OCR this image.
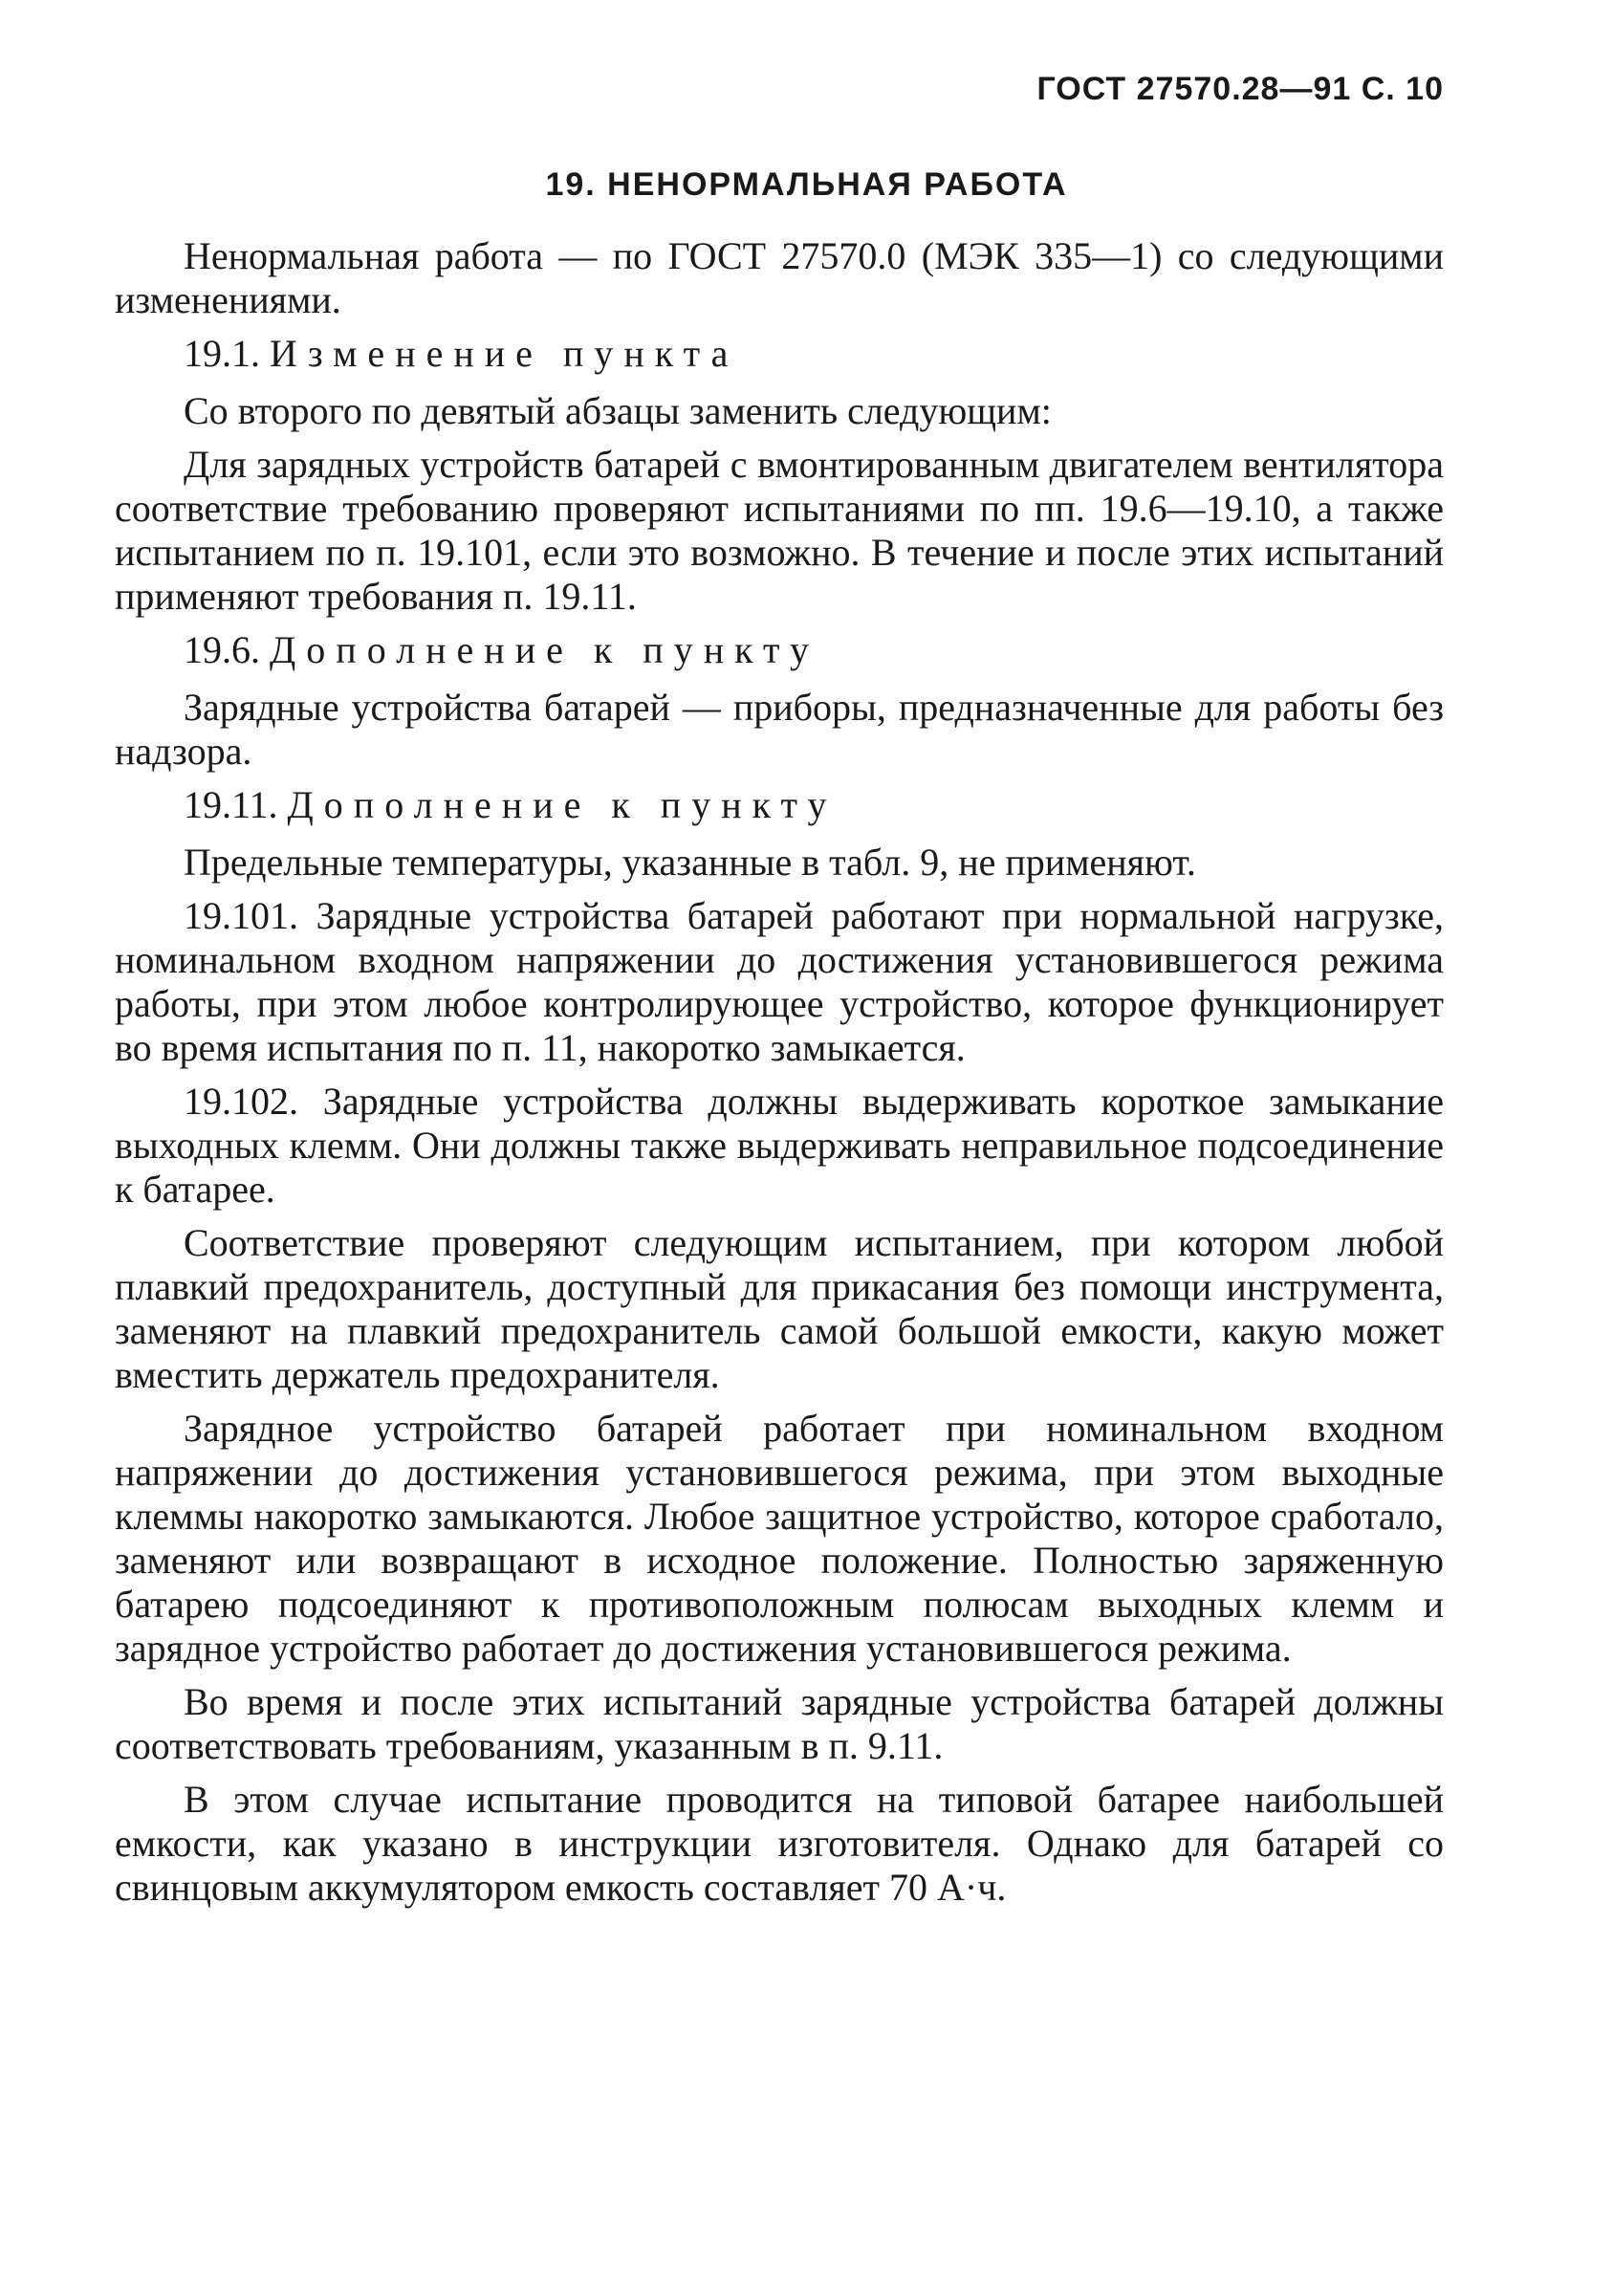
ГОСТ 27570.28—91 С. 10
19. НЕНОРМАЛЬНАЯ РАБОТА

Ненормальная работа — по ГОСТ 27570.0 (МЭК 335—1) со следующими изменениями.

19.1. Изменение пункта

Со второго по девятый абзацы заменить следующим:

Для зарядных устройств батарей с вмонтированным двигателем вентилятора соответствие требованию проверяют испытаниями по пп. 19.6—19.10, а также испытанием по п. 19.101, если это возможно. В течение и после этих испытаний применяют требования п. 19.11.

19.6. Дополнение к пункту

Зарядные устройства батарей — приборы, предназначенные для работы без надзора.

19.11. Дополнение к пункту

Предельные температуры, указанные в табл. 9, не применяют.

19.101. Зарядные устройства батарей работают при нормальной нагрузке, номинальном входном напряжении до достижения установившегося режима работы, при этом любое контролирующее устройство, которое функционирует во время испытания по п. 11, накоротко замыкается.

19.102. Зарядные устройства должны выдерживать короткое замыкание выходных клемм. Они должны также выдерживать неправильное подсоединение к батарее.

Соответствие проверяют следующим испытанием, при котором любой плавкий предохранитель, доступный для прикасания без помощи инструмента, заменяют на плавкий предохранитель самой большой емкости, какую может вместить держатель предохранителя.

Зарядное устройство батарей работает при номинальном входном напряжении до достижения установившегося режима, при этом выходные клеммы накоротко замыкаются. Любое защитное устройство, которое сработало, заменяют или возвращают в исходное положение. Полностью заряженную батарею подсоединяют к противоположным полюсам выходных клемм и зарядное устройство работает до достижения установившегося режима.

Во время и после этих испытаний зарядные устройства батарей должны соответствовать требованиям, указанным в п. 9.11.

В этом случае испытание проводится на типовой батарее наибольшей емкости, как указано в инструкции изготовителя. Однако для батарей со свинцовым аккумулятором емкость составляет 70 А·ч.
